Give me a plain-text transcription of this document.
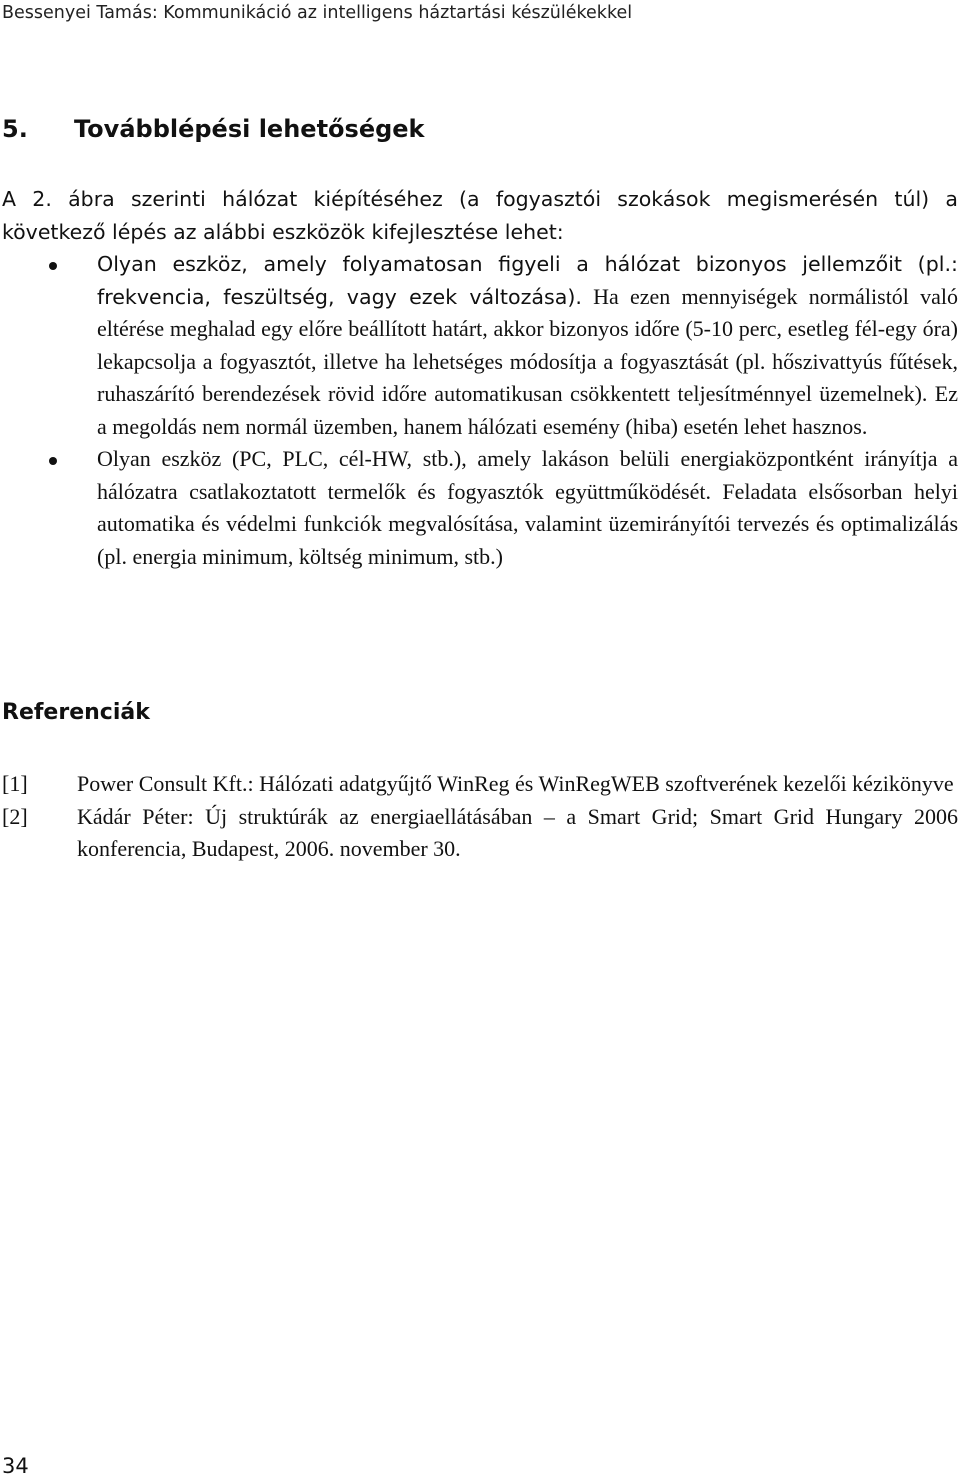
Bessenyei Tamás: Kommunikáció az intelligens háztartási készülékekkel
5. Továbblépési lehetőségek

A 2. ábra szerinti hálózat kiépítéséhez (a fogyasztói szokások megismerésén túl) a következő lépés az alábbi eszközök kifejlesztése lehet:

Olyan eszköz, amely folyamatosan figyeli a hálózat bizonyos jellemzőit (pl.: frekvencia, feszültség, vagy ezek változása). Ha ezen mennyiségek normálistól való eltérése meghalad egy előre beállított határt, akkor bizonyos időre (5-10 perc, esetleg fél-egy óra) lekapcsolja a fogyasztót, illetve ha lehetséges módosítja a fogyasztását (pl. hőszivattyús fűtések, ruhaszárító berendezések rövid időre automatikusan csökkentett teljesítménnyel üzemelnek). Ez a megoldás nem normál üzemben, hanem hálózati esemény (hiba) esetén lehet hasznos.
Olyan eszköz (PC, PLC, cél-HW, stb.), amely lakáson belüli energiaközpontként irányítja a hálózatra csatlakoztatott termelők és fogyasztók együttműködését. Feladata elsősorban helyi automatika és védelmi funkciók megvalósítása, valamint üzemirányítói tervezés és optimalizálás (pl. energia minimum, költség minimum, stb.)
Referenciák
[1] Power Consult Kft.: Hálózati adatgyűjtő WinReg és WinRegWEB szoftverének kezelői kézikönyve
[2] Kádár Péter: Új struktúrák az energiaellátásában – a Smart Grid; Smart Grid Hungary 2006 konferencia, Budapest, 2006. november 30.
34
